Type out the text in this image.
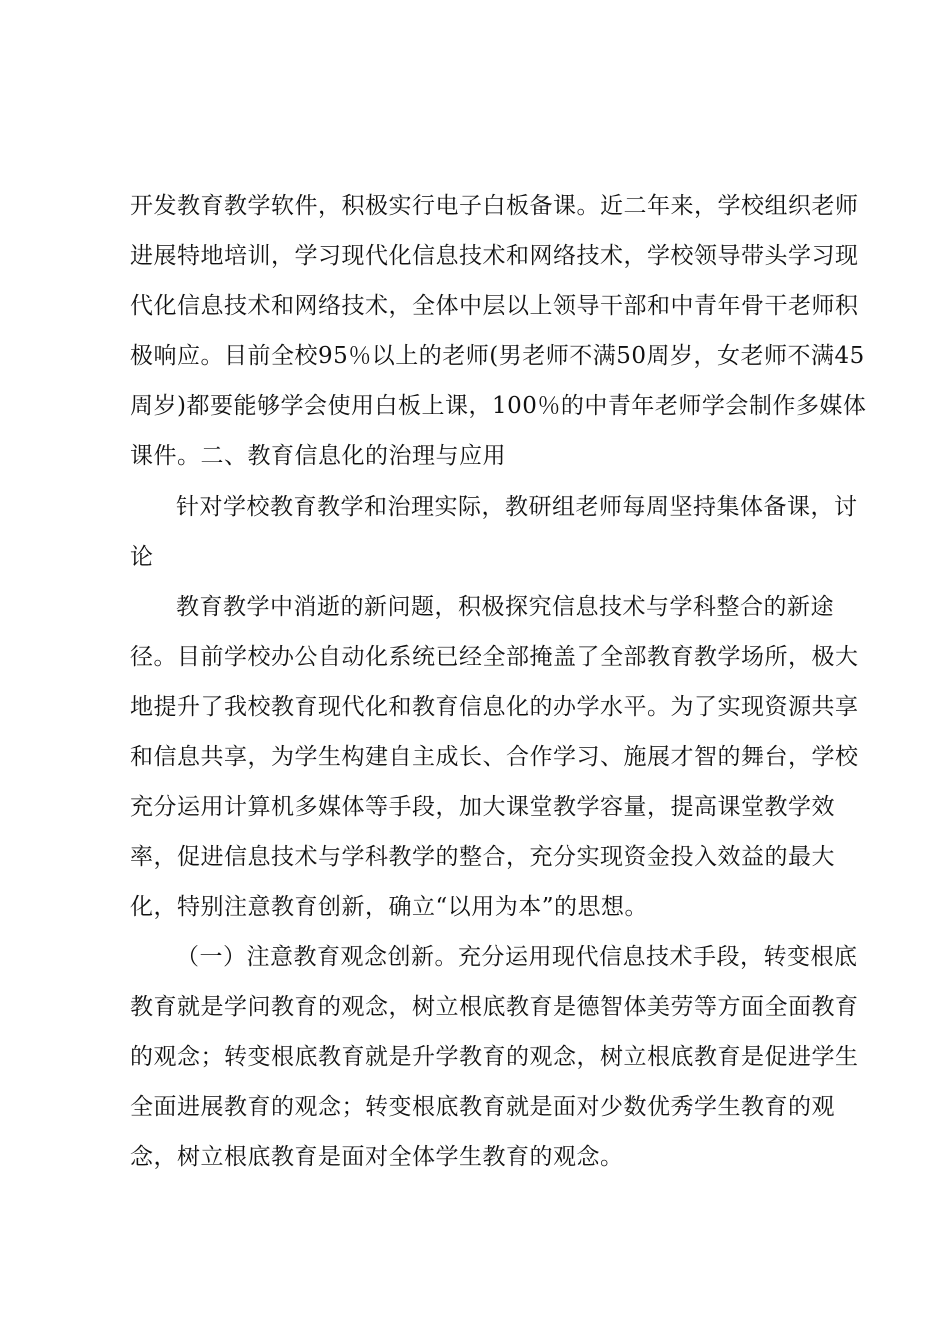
开发教育教学软件，积极实行电子白板备课。近二年来，学校组织老师
进展特地培训，学习现代化信息技术和网络技术，学校领导带头学习现
代化信息技术和网络技术，全体中层以上领导干部和中青年骨干老师积
极响应。目前全校95％以上的老师(男老师不满50周岁，女老师不满45
周岁)都要能够学会使用白板上课，100％的中青年老师学会制作多媒体
课件。二、教育信息化的治理与应用
针对学校教育教学和治理实际，教研组老师每周坚持集体备课，讨
论
教育教学中消逝的新问题，积极探究信息技术与学科整合的新途
径。目前学校办公自动化系统已经全部掩盖了全部教育教学场所，极大
地提升了我校教育现代化和教育信息化的办学水平。为了实现资源共享
和信息共享，为学生构建自主成长、合作学习、施展才智的舞台，学校
充分运用计算机多媒体等手段，加大课堂教学容量，提高课堂教学效
率，促进信息技术与学科教学的整合，充分实现资金投入效益的最大
化，特别注意教育创新，确立“以用为本”的思想。
（一）注意教育观念创新。充分运用现代信息技术手段，转变根底
教育就是学问教育的观念，树立根底教育是德智体美劳等方面全面教育
的观念；转变根底教育就是升学教育的观念，树立根底教育是促进学生
全面进展教育的观念；转变根底教育就是面对少数优秀学生教育的观
念，树立根底教育是面对全体学生教育的观念。
